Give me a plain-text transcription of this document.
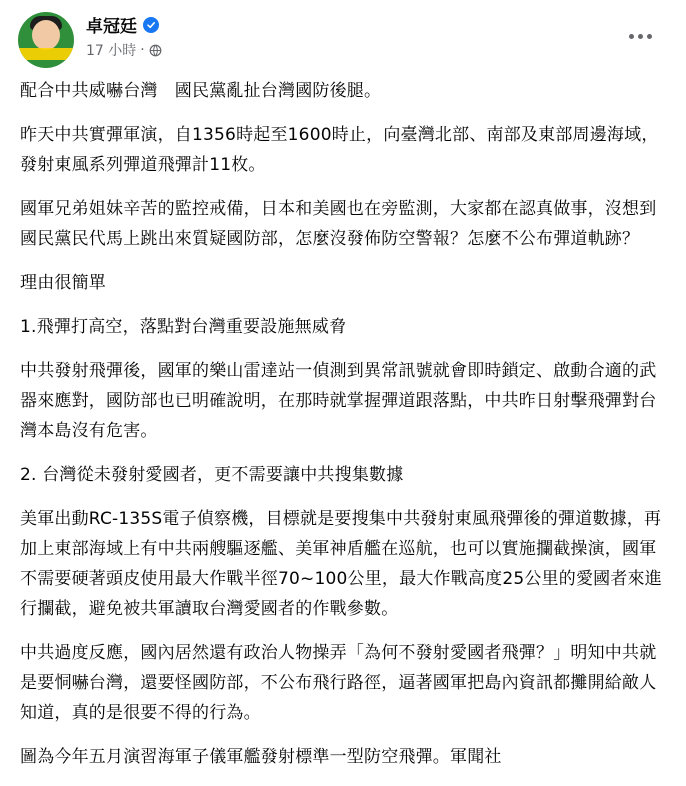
卓冠廷
17 小時 ·

配合中共威嚇台灣　國民黨亂扯台灣國防後腿。

昨天中共實彈軍演，自1356時起至1600時止，向臺灣北部、南部及東部周邊海域，發射東風系列彈道飛彈計11枚。

國軍兄弟姐妹辛苦的監控戒備，日本和美國也在旁監測，大家都在認真做事，沒想到國民黨民代馬上跳出來質疑國防部，怎麼沒發佈防空警報？怎麼不公布彈道軌跡？

理由很簡單

1.飛彈打高空，落點對台灣重要設施無威脅

中共發射飛彈後，國軍的樂山雷達站一偵測到異常訊號就會即時鎖定、啟動合適的武器來應對，國防部也已明確說明，在那時就掌握彈道跟落點，中共昨日射擊飛彈對台灣本島沒有危害。

2. 台灣從未發射愛國者，更不需要讓中共搜集數據

美軍出動RC-135S電子偵察機，目標就是要搜集中共發射東風飛彈後的彈道數據，再加上東部海域上有中共兩艘驅逐艦、美軍神盾艦在巡航，也可以實施攔截操演，國軍不需要硬著頭皮使用最大作戰半徑70~100公里，最大作戰高度25公里的愛國者來進行攔截，避免被共軍讀取台灣愛國者的作戰參數。

中共過度反應，國內居然還有政治人物操弄「為何不發射愛國者飛彈？」明知中共就是要恫嚇台灣，還要怪國防部，不公布飛行路徑，逼著國軍把島內資訊都攤開給敵人知道，真的是很要不得的行為。

圖為今年五月演習海軍子儀軍艦發射標準一型防空飛彈。軍聞社
